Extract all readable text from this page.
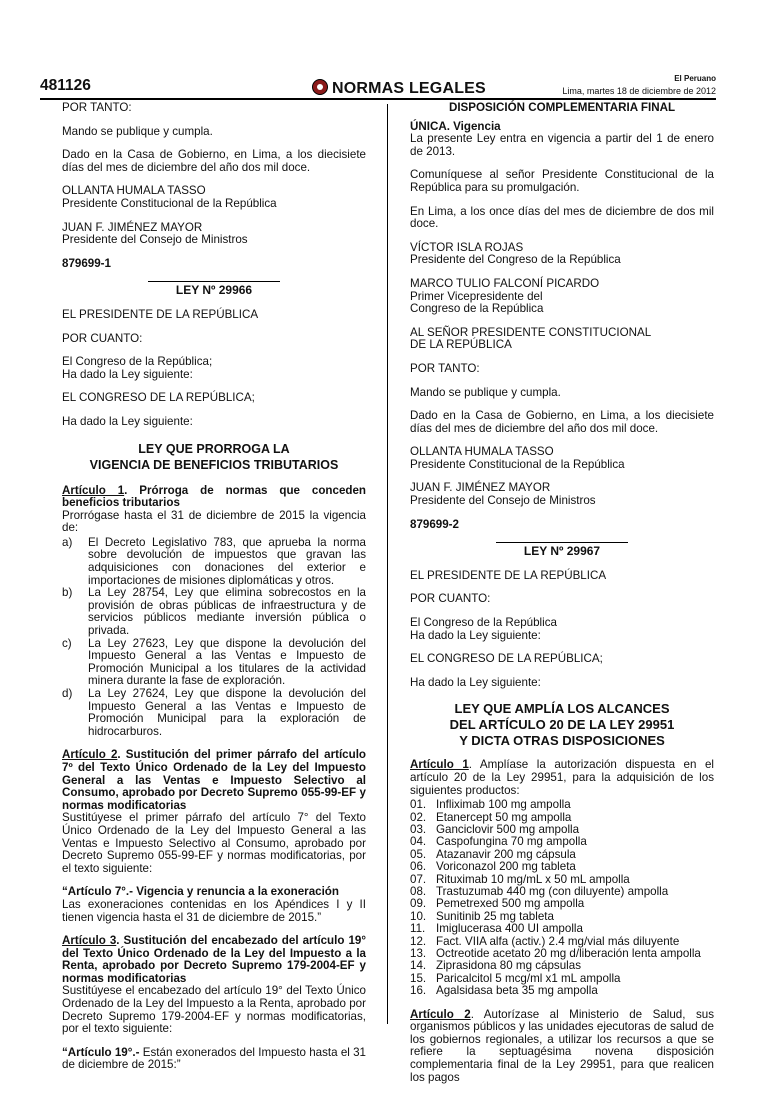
481126	NORMAS LEGALES
El Peruano
Lima, martes 18 de diciembre de 2012

POR TANTO:

Mando se publique y cumpla.

Dado en la Casa de Gobierno, en Lima, a los diecisiete días del mes de diciembre del año dos mil doce.

OLLANTA HUMALA TASSO
Presidente Constitucional de la República

JUAN F. JIMÉNEZ MAYOR
Presidente del Consejo de Ministros

879699-1

LEY Nº 29966

EL PRESIDENTE DE LA REPÚBLICA

POR CUANTO:

El Congreso de la República;
Ha dado la Ley siguiente:

EL CONGRESO DE LA REPÚBLICA;

Ha dado la Ley siguiente:

LEY QUE PRORROGA LA
VIGENCIA DE BENEFICIOS TRIBUTARIOS

Artículo 1. Prórroga de normas que conceden beneficios tributarios

Prorrógase hasta el 31 de diciembre de 2015 la vigencia de:

a) El Decreto Legislativo 783, que aprueba la norma sobre devolución de impuestos que gravan las adquisiciones con donaciones del exterior e importaciones de misiones diplomáticas y otros.
b) La Ley 28754, Ley que elimina sobrecostos en la provisión de obras públicas de infraestructura y de servicios públicos mediante inversión pública o privada.
c) La Ley 27623, Ley que dispone la devolución del Impuesto General a las Ventas e Impuesto de Promoción Municipal a los titulares de la actividad minera durante la fase de exploración.
d) La Ley 27624, Ley que dispone la devolución del Impuesto General a las Ventas e Impuesto de Promoción Municipal para la exploración de hidrocarburos.

Artículo 2. Sustitución del primer párrafo del artículo 7º del Texto Único Ordenado de la Ley del Impuesto General a las Ventas e Impuesto Selectivo al Consumo, aprobado por Decreto Supremo 055-99-EF y normas modificatorias

Sustitúyese el primer párrafo del artículo 7° del Texto Único Ordenado de la Ley del Impuesto General a las Ventas e Impuesto Selectivo al Consumo, aprobado por Decreto Supremo 055-99-EF y normas modificatorias, por el texto siguiente:

“Artículo 7°.- Vigencia y renuncia a la exoneración
Las exoneraciones contenidas en los Apéndices I y II tienen vigencia hasta el 31 de diciembre de 2015.”

Artículo 3. Sustitución del encabezado del artículo 19° del Texto Único Ordenado de la Ley del Impuesto a la Renta, aprobado por Decreto Supremo 179-2004-EF y normas modificatorias

Sustitúyese el encabezado del artículo 19° del Texto Único Ordenado de la Ley del Impuesto a la Renta, aprobado por Decreto Supremo 179-2004-EF y normas modificatorias, por el texto siguiente:

“Artículo 19°.- Están exonerados del Impuesto hasta el 31 de diciembre de 2015:”

DISPOSICIÓN COMPLEMENTARIA FINAL

ÚNICA. Vigencia
La presente Ley entra en vigencia a partir del 1 de enero de 2013.

Comuníquese al señor Presidente Constitucional de la República para su promulgación.

En Lima, a los once días del mes de diciembre de dos mil doce.

VÍCTOR ISLA ROJAS
Presidente del Congreso de la República

MARCO TULIO FALCONÍ PICARDO
Primer Vicepresidente del
Congreso de la República

AL SEÑOR PRESIDENTE CONSTITUCIONAL
DE LA REPÚBLICA

POR TANTO:

Mando se publique y cumpla.

Dado en la Casa de Gobierno, en Lima, a los diecisiete días del mes de diciembre del año dos mil doce.

OLLANTA HUMALA TASSO
Presidente Constitucional de la República

JUAN F. JIMÉNEZ MAYOR
Presidente del Consejo de Ministros

879699-2

LEY Nº 29967

EL PRESIDENTE DE LA REPÚBLICA

POR CUANTO:

El Congreso de la República
Ha dado la Ley siguiente:

EL CONGRESO DE LA REPÚBLICA;

Ha dado la Ley siguiente:

LEY QUE AMPLÍA LOS ALCANCES
DEL ARTÍCULO 20 DE LA LEY 29951
Y DICTA OTRAS DISPOSICIONES

Artículo 1. Amplíase la autorización dispuesta en el artículo 20 de la Ley 29951, para la adquisición de los siguientes productos:

01. Infliximab 100 mg ampolla
02. Etanercept 50 mg ampolla
03. Ganciclovir 500 mg ampolla
04. Caspofungina 70 mg ampolla
05. Atazanavir 200 mg cápsula
06. Voriconazol 200 mg tableta
07. Rituximab 10 mg/mL x 50 mL ampolla
08. Trastuzumab 440 mg (con diluyente) ampolla
09. Pemetrexed 500 mg ampolla
10. Sunitinib 25 mg tableta
11. Imiglucerasa 400 UI ampolla
12. Fact. VIIA alfa (activ.) 2.4 mg/vial más diluyente
13. Octreotide acetato 20 mg d/liberación lenta ampolla
14. Ziprasidona 80 mg cápsulas
15. Paricalcitol 5 mcg/ml x1 mL ampolla
16. Agalsidasa beta 35 mg ampolla

Artículo 2. Autorízase al Ministerio de Salud, sus organismos públicos y las unidades ejecutoras de salud de los gobiernos regionales, a utilizar los recursos a que se refiere la septuagésima novena disposición complementaria final de la Ley 29951, para que realicen los pagos
